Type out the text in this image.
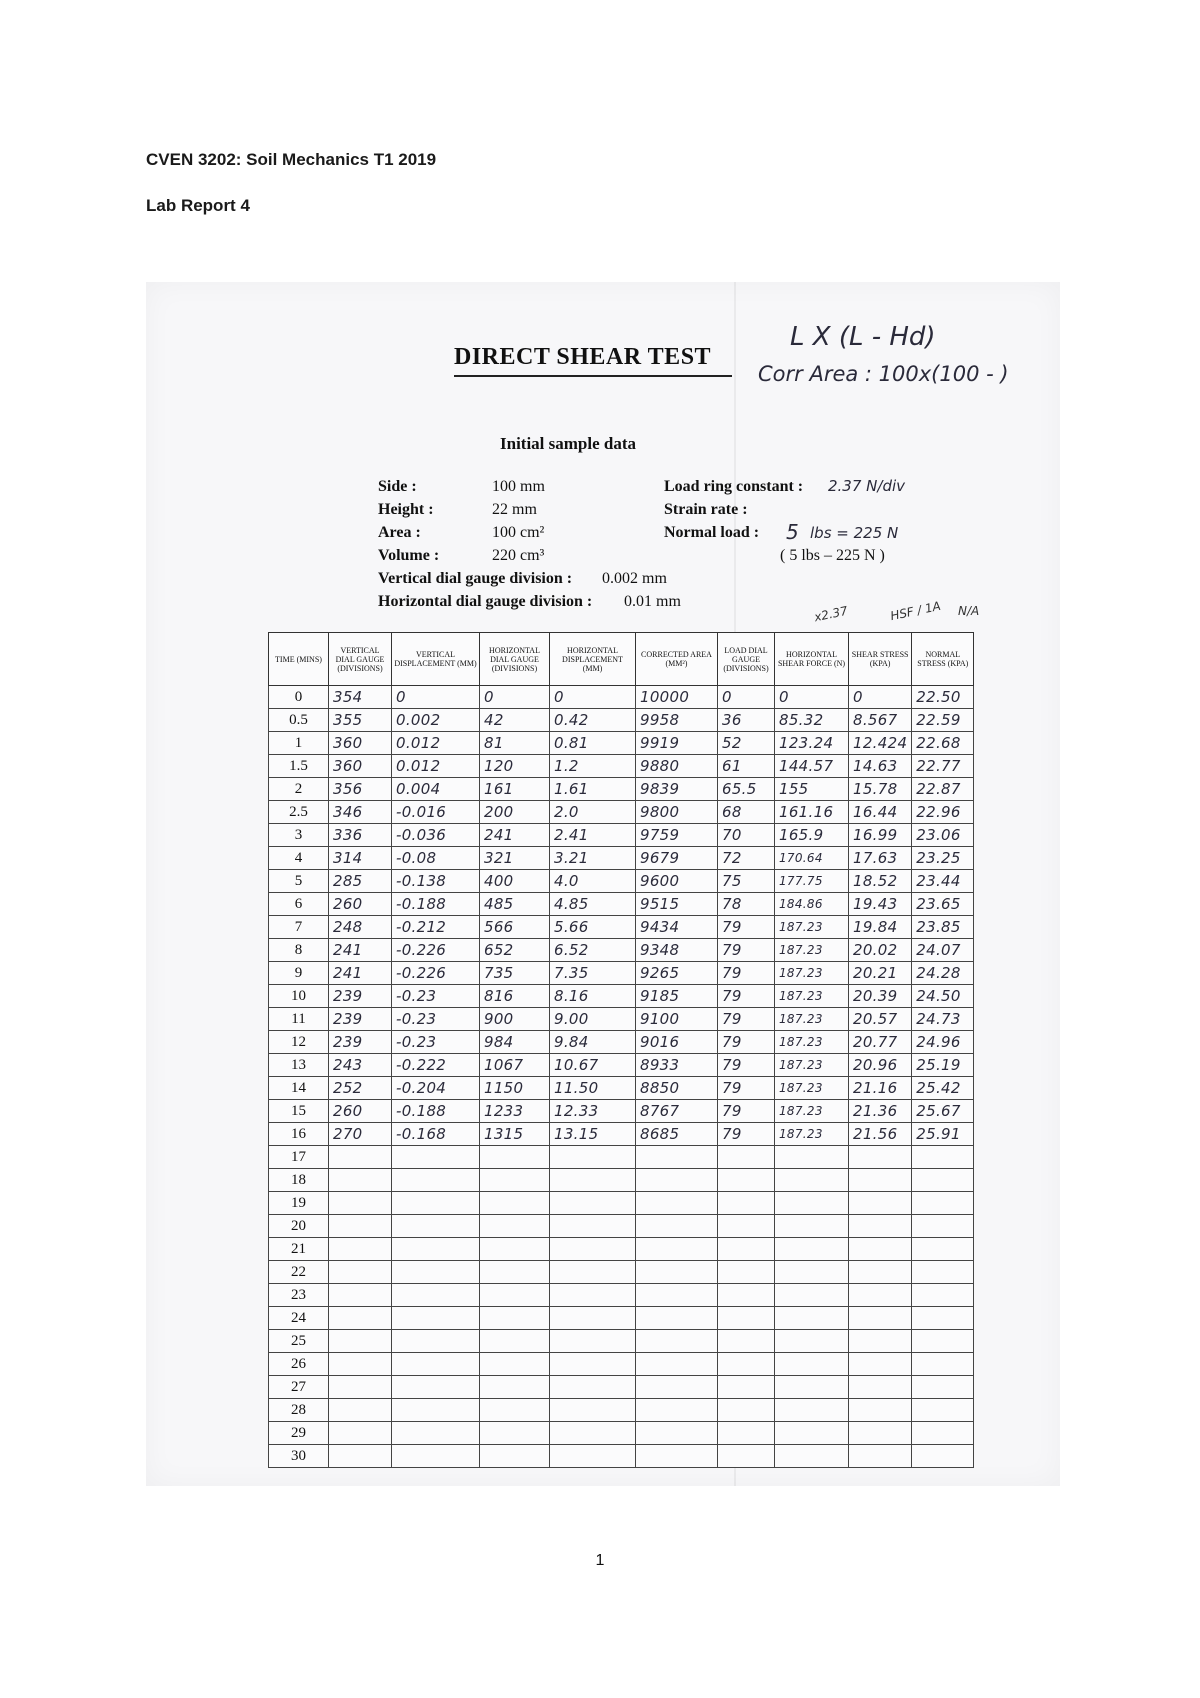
CVEN 3202: Soil Mechanics T1 2019
Lab Report 4
DIRECT SHEAR TEST
L X (L - Hd)
Corr Area : 100x(100 - )
Initial sample data
Side :	100 mm
Height :	22 mm
Area :	100 cm²
Volume :	220 cm³
Vertical dial gauge division : 0.002 mm
Horizontal dial gauge division : 0.01 mm
Load ring constant : 2.37 N/div
Strain rate :
Normal load : 5 lbs = 225 N
( 5 lbs – 225 N )
x2.37	HSF / 1A N/A
TIME (MINS)	VERTICAL DIAL GAUGE (DIVISIONS)	VERTICAL DISPLACEMENT (MM)	HORIZONTAL DIAL GAUGE (DIVISIONS)	HORIZONTAL DISPLACEMENT (MM)	CORRECTED AREA (MM²)	LOAD DIAL GAUGE (DIVISIONS)	HORIZONTAL SHEAR FORCE (N)	SHEAR STRESS (KPA)	NORMAL STRESS (KPA)
0	354	0	0	0	10000	0	0	0	22.50
0.5	355	0.002	42	0.42	9958	36	85.32	8.567	22.59
1	360	0.012	81	0.81	9919	52	123.24	12.424	22.68
1.5	360	0.012	120	1.2	9880	61	144.57	14.63	22.77
2	356	0.004	161	1.61	9839	65.5	155	15.78	22.87
2.5	346	-0.016	200	2.0	9800	68	161.16	16.44	22.96
3	336	-0.036	241	2.41	9759	70	165.9	16.99	23.06
4	314	-0.08	321	3.21	9679	72	170.64	17.63	23.25
5	285	-0.138	400	4.0	9600	75	177.75	18.52	23.44
6	260	-0.188	485	4.85	9515	78	184.86	19.43	23.65
7	248	-0.212	566	5.66	9434	79	187.23	19.84	23.85
8	241	-0.226	652	6.52	9348	79	187.23	20.02	24.07
9	241	-0.226	735	7.35	9265	79	187.23	20.21	24.28
10	239	-0.23	816	8.16	9185	79	187.23	20.39	24.50
11	239	-0.23	900	9.00	9100	79	187.23	20.57	24.73
12	239	-0.23	984	9.84	9016	79	187.23	20.77	24.96
13	243	-0.222	1067	10.67	8933	79	187.23	20.96	25.19
14	252	-0.204	1150	11.50	8850	79	187.23	21.16	25.42
15	260	-0.188	1233	12.33	8767	79	187.23	21.36	25.67
16	270	-0.168	1315	13.15	8685	79	187.23	21.56	25.91
17									
18									
19									
20									
21									
22									
23									
24									
25									
26									
27									
28									
29									
30									
1
